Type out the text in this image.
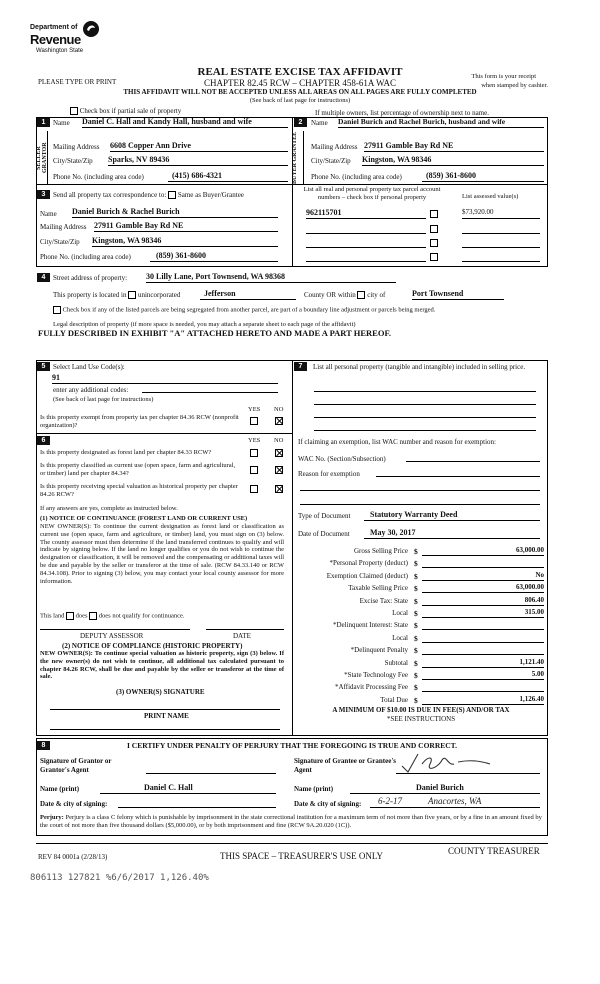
Department of
Revenue
Washington State
REAL ESTATE EXCISE TAX AFFIDAVIT
PLEASE TYPE OR PRINT	CHAPTER 82.45 RCW – CHAPTER 458-61A WAC
This form is your receipt
when stamped by cashier.
THIS AFFIDAVIT WILL NOT BE ACCEPTED UNLESS ALL AREAS ON ALL PAGES ARE FULLY COMPLETED
(See back of last page for instructions)
Check box if partial sale of property	If multiple owners, list percentage of ownership next to name.
SELLER GRANTOR
1	Name Daniel C. Hall and Kandy Hall, husband and wife
Mailing Address 6608 Copper Ann Drive
City/State/Zip Sparks, NV 89436
Phone No. (including area code)	(415) 686-4321	BUYER GRANTEE
2	Name Daniel Burich and Rachel Burich, husband and wife
Mailing Address 27911 Gamble Bay Rd NE
City/State/Zip Kingston, WA 98346
Phone No. (including area code)	(859) 361-8600
3	Send all property tax correspondence to: Same as Buyer/Grantee
Name Daniel Burich & Rachel Burich
Mailing Address 27911 Gamble Bay Rd NE
City/State/Zip Kingston, WA 98346
Phone No. (including area code)	(859) 361-8600
List all real and personal property tax parcel account numbers – check box if personal property	List assessed value(s)
962115701	$73,920.00
4	Street address of property: 30 Lilly Lane, Port Townsend, WA 98368
This property is located in unincorporated	Jefferson	County OR within city of	Port Townsend
Check box if any of the listed parcels are being segregated from another parcel, are part of a boundary line adjustment or parcels being merged.
Legal description of property (if more space is needed, you may attach a separate sheet to each page of the affidavit)
FULLY DESCRIBED IN EXHIBIT "A" ATTACHED HERETO AND MADE A PART HEREOF.
5	Select Land Use Code(s):
91
enter any additional codes:
(See back of last page for instructions)
YES NO
Is this property exempt from property tax per chapter 84.36 RCW (nonprofit organization)?
6	YES NO
Is this property designated as forest land per chapter 84.33 RCW?
Is this property classified as current use (open space, farm and agricultural, or timber) land per chapter 84.34?
Is this property receiving special valuation as historical property per chapter 84.26 RCW?
If any answers are yes, complete as instructed below.
(1) NOTICE OF CONTINUANCE (FOREST LAND OR CURRENT USE)
NEW OWNER(S): To continue the current designation as forest land or classification as current use (open space, farm and agriculture, or timber) land, you must sign on (3) below. The county assessor must then determine if the land transferred continues to qualify and will indicate by signing below. If the land no longer qualifies or you do not wish to continue the designation or classification, it will be removed and the compensating or additional taxes will be due and payable by the seller or transferor at the time of sale. (RCW 84.33.140 or RCW 84.34.108). Prior to signing (3) below, you may contact your local county assessor for more information.
This land does does not qualify for continuance.
DEPUTY ASSESSOR	DATE
(2) NOTICE OF COMPLIANCE (HISTORIC PROPERTY)
NEW OWNER(S): To continue special valuation as historic property, sign (3) below. If the new owner(s) do not wish to continue, all additional tax calculated pursuant to chapter 84.26 RCW, shall be due and payable by the seller or transferor at the time of sale.
(3) OWNER(S) SIGNATURE
PRINT NAME
7	List all personal property (tangible and intangible) included in selling price.
If claiming an exemption, list WAC number and reason for exemption:
WAC No. (Section/Subsection)
Reason for exemption
Type of Document	Statutory Warranty Deed
Date of Document	May 30, 2017
Gross Selling Price $	63,000.00
*Personal Property (deduct) $
Exemption Claimed (deduct) $	No
Taxable Selling Price $	63,000.00
Excise Tax: State $	806.40
Local $	315.00
*Delinquent Interest: State $
Local $
*Delinquent Penalty $
Subtotal $	1,121.40
*State Technology Fee $	5.00
*Affidavit Processing Fee $
Total Due $	1,126.40
A MINIMUM OF $10.00 IS DUE IN FEE(S) AND/OR TAX
*SEE INSTRUCTIONS
8	I CERTIFY UNDER PENALTY OF PERJURY THAT THE FOREGOING IS TRUE AND CORRECT.
Signature of Grantor or Grantor's Agent
Name (print)	Daniel C. Hall
Date & city of signing:
Signature of Grantee or Grantee's Agent
Name (print)	Daniel Burich
Date & city of signing:	6-2-17	Anacortes, WA
Perjury: Perjury is a class C felony which is punishable by imprisonment in the state correctional institution for a maximum term of not more than five years, or by a fine in an amount fixed by the court of not more than five thousand dollars ($5,000.00), or by both imprisonment and fine (RCW 9A.20.020 (1C)).
REV 84 0001a (2/28/13)	THIS SPACE – TREASURER'S USE ONLY	COUNTY TREASURER
806113 127821 %6/6/2017 1,126.40%
